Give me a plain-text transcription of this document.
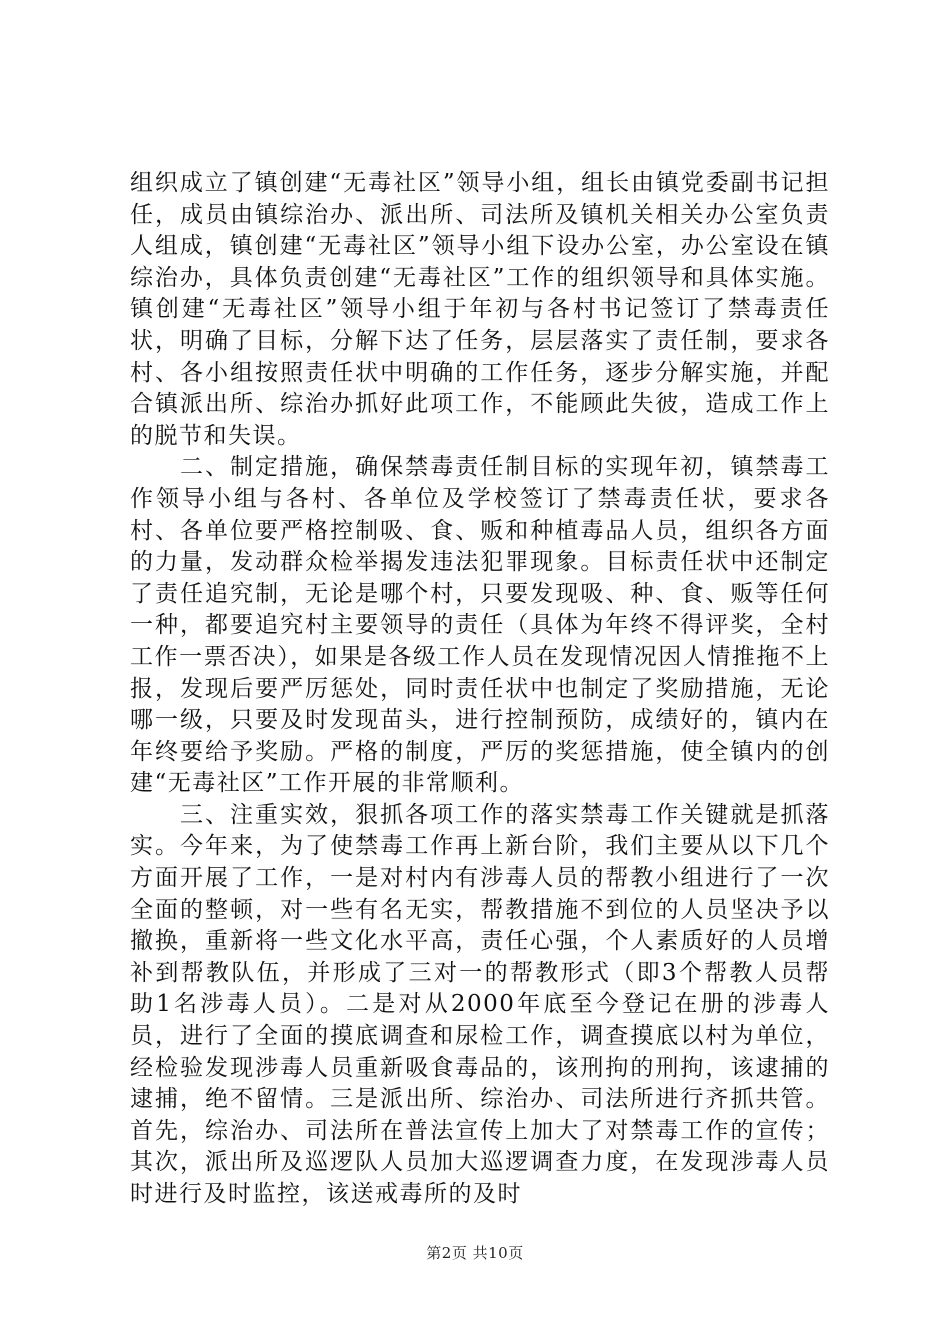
组织成立了镇创建“无毒社区”领导小组，组长由镇党委副书记担任，成员由镇综治办、派出所、司法所及镇机关相关办公室负责人组成，镇创建“无毒社区”领导小组下设办公室，办公室设在镇综治办，具体负责创建“无毒社区”工作的组织领导和具体实施。镇创建“无毒社区”领导小组于年初与各村书记签订了禁毒责任状，明确了目标，分解下达了任务，层层落实了责任制，要求各村、各小组按照责任状中明确的工作任务，逐步分解实施，并配合镇派出所、综治办抓好此项工作，不能顾此失彼，造成工作上的脱节和失误。

二、制定措施，确保禁毒责任制目标的实现年初，镇禁毒工作领导小组与各村、各单位及学校签订了禁毒责任状，要求各村、各单位要严格控制吸、食、贩和种植毒品人员，组织各方面的力量，发动群众检举揭发违法犯罪现象。目标责任状中还制定了责任追究制，无论是哪个村，只要发现吸、种、食、贩等任何一种，都要追究村主要领导的责任（具体为年终不得评奖，全村工作一票否决），如果是各级工作人员在发现情况因人情推拖不上报，发现后要严厉惩处，同时责任状中也制定了奖励措施，无论哪一级，只要及时发现苗头，进行控制预防，成绩好的，镇内在年终要给予奖励。严格的制度，严厉的奖惩措施，使全镇内的创建“无毒社区”工作开展的非常顺利。

三、注重实效，狠抓各项工作的落实禁毒工作关键就是抓落实。今年来，为了使禁毒工作再上新台阶，我们主要从以下几个方面开展了工作，一是对村内有涉毒人员的帮教小组进行了一次全面的整顿，对一些有名无实，帮教措施不到位的人员坚决予以撤换，重新将一些文化水平高，责任心强，个人素质好的人员增补到帮教队伍，并形成了三对一的帮教形式（即3个帮教人员帮助1名涉毒人员）。二是对从2000年底至今登记在册的涉毒人员，进行了全面的摸底调查和尿检工作，调查摸底以村为单位，经检验发现涉毒人员重新吸食毒品的，该刑拘的刑拘，该逮捕的逮捕，绝不留情。三是派出所、综治办、司法所进行齐抓共管。首先，综治办、司法所在普法宣传上加大了对禁毒工作的宣传；其次，派出所及巡逻队人员加大巡逻调查力度，在发现涉毒人员时进行及时监控，该送戒毒所的及时

第2页 共10页
